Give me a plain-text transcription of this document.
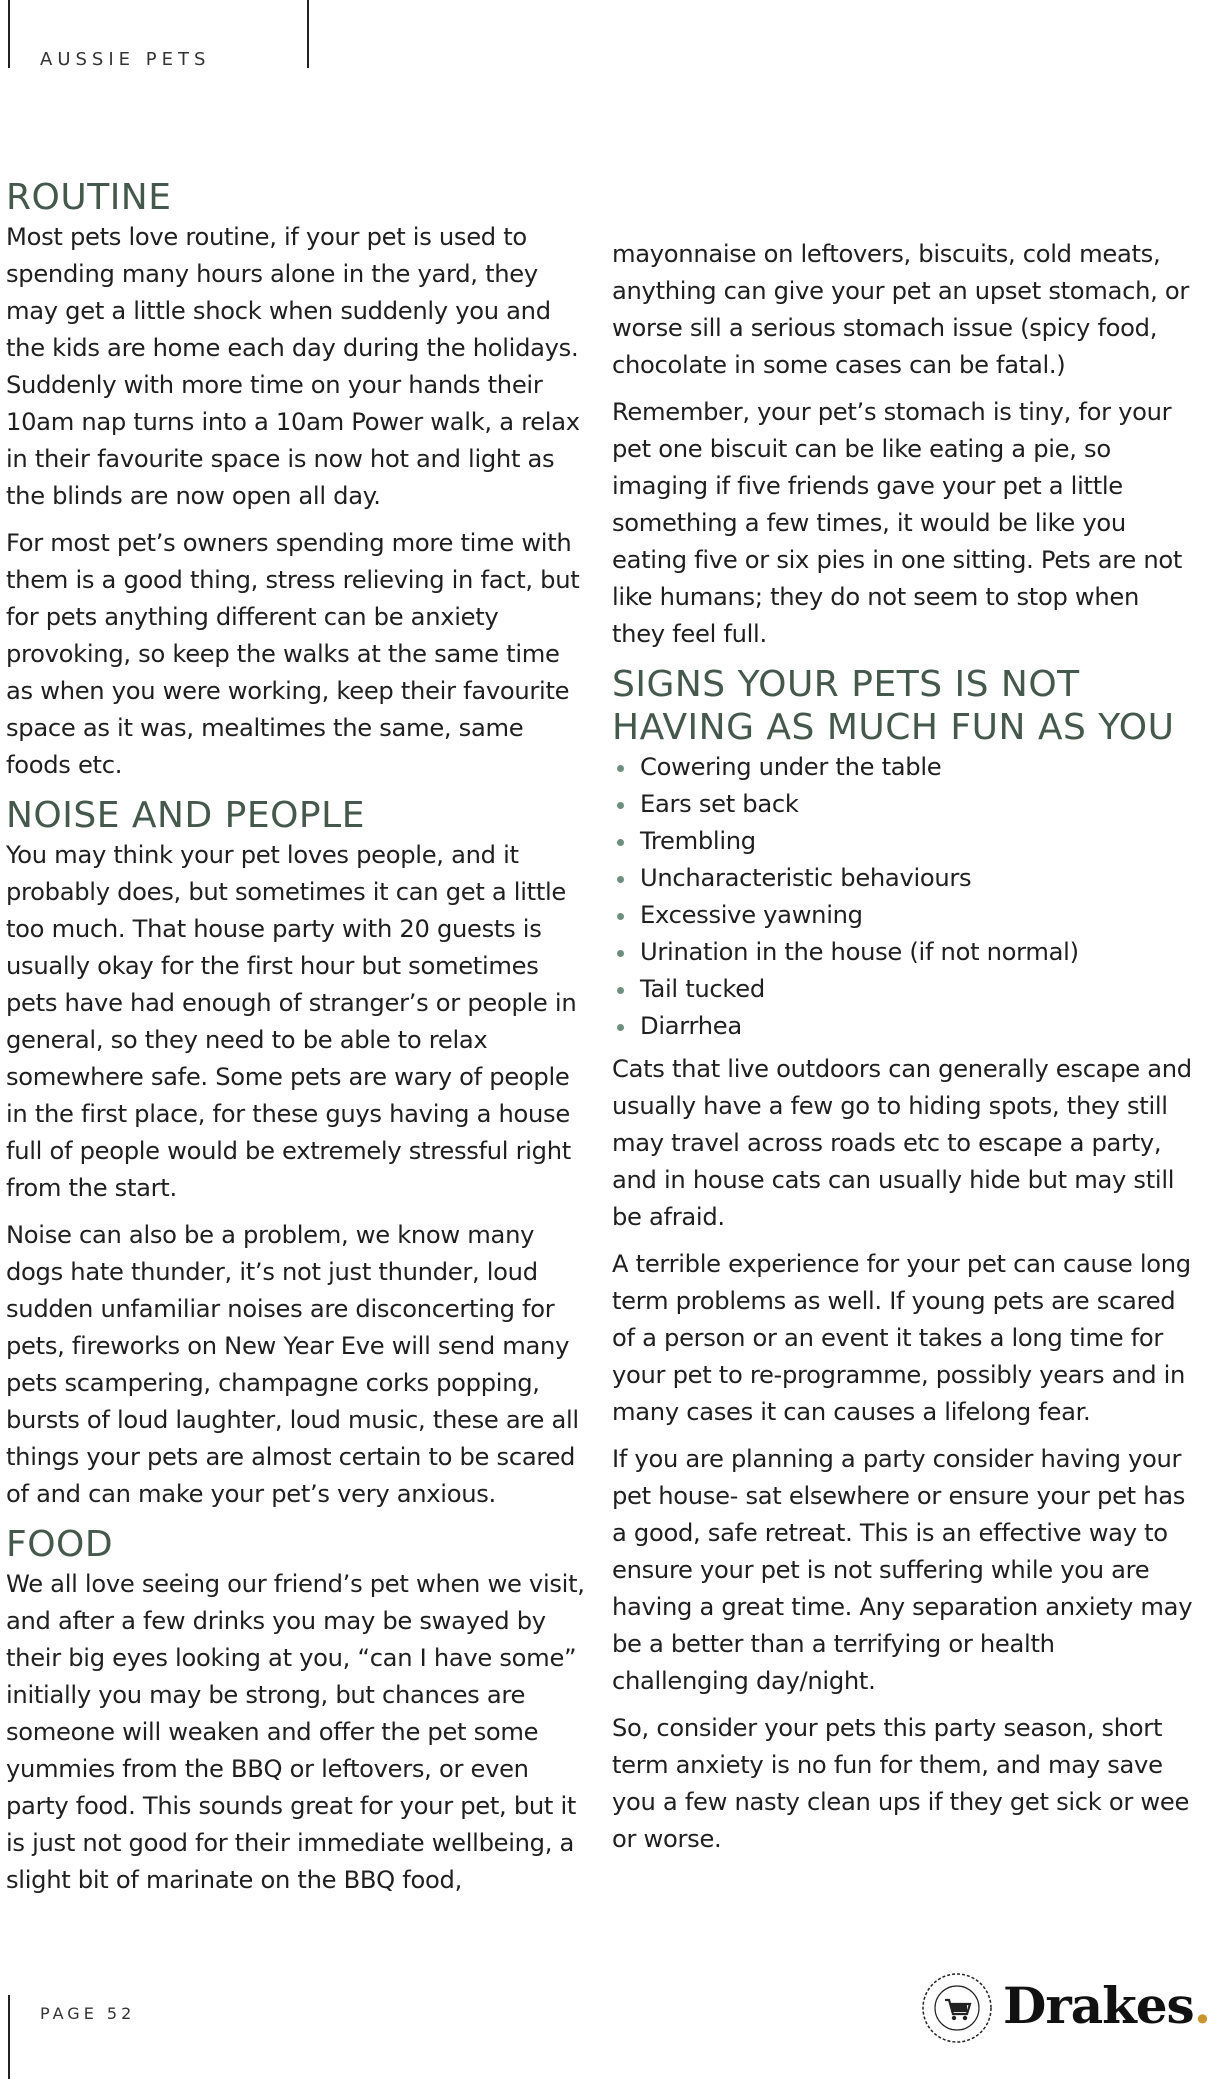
AUSSIE PETS
ROUTINE

Most pets love routine, if your pet is used to spending many hours alone in the yard, they may get a little shock when suddenly you and the kids are home each day during the holidays. Suddenly with more time on your hands their 10am nap turns into a 10am Power walk, a relax in their favourite space is now hot and light as the blinds are now open all day.

For most pet’s owners spending more time with them is a good thing, stress relieving in fact, but for pets anything different can be anxiety provoking, so keep the walks at the same time as when you were working, keep their favourite space as it was, mealtimes the same, same foods etc.

NOISE AND PEOPLE

You may think your pet loves people, and it probably does, but sometimes it can get a little too much. That house party with 20 guests is usually okay for the first hour but sometimes pets have had enough of stranger’s or people in general, so they need to be able to relax somewhere safe. Some pets are wary of people in the first place, for these guys having a house full of people would be extremely stressful right from the start.

Noise can also be a problem, we know many dogs hate thunder, it’s not just thunder, loud sudden unfamiliar noises are disconcerting for pets, fireworks on New Year Eve will send many pets scampering, champagne corks popping, bursts of loud laughter, loud music, these are all things your pets are almost certain to be scared of and can make your pet’s very anxious.

FOOD

We all love seeing our friend’s pet when we visit, and after a few drinks you may be swayed by their big eyes looking at you, “can I have some” initially you may be strong, but chances are someone will weaken and offer the pet some yummies from the BBQ or leftovers, or even party food. This sounds great for your pet, but it is just not good for their immediate wellbeing, a slight bit of marinate on the BBQ food,

mayonnaise on leftovers, biscuits, cold meats, anything can give your pet an upset stomach, or worse sill a serious stomach issue (spicy food, chocolate in some cases can be fatal.)

Remember, your pet’s stomach is tiny, for your pet one biscuit can be like eating a pie, so imaging if five friends gave your pet a little something a few times, it would be like you eating five or six pies in one sitting. Pets are not like humans; they do not seem to stop when they feel full.

SIGNS YOUR PETS IS NOT HAVING AS MUCH FUN AS YOU
Cowering under the table
Ears set back
Trembling
Uncharacteristic behaviours
Excessive yawning
Urination in the house (if not normal)
Tail tucked
Diarrhea

Cats that live outdoors can generally escape and usually have a few go to hiding spots, they still may travel across roads etc to escape a party, and in house cats can usually hide but may still be afraid.

A terrible experience for your pet can cause long term problems as well. If young pets are scared of a person or an event it takes a long time for your pet to re-programme, possibly years and in many cases it can causes a lifelong fear.

If you are planning a party consider having your pet house- sat elsewhere or ensure your pet has a good, safe retreat. This is an effective way to ensure your pet is not suffering while you are having a great time. Any separation anxiety may be a better than a terrifying or health challenging day/night.

So, consider your pets this party season, short term anxiety is no fun for them, and may save you a few nasty clean ups if they get sick or wee or worse.

PAGE 52	Drakes.
